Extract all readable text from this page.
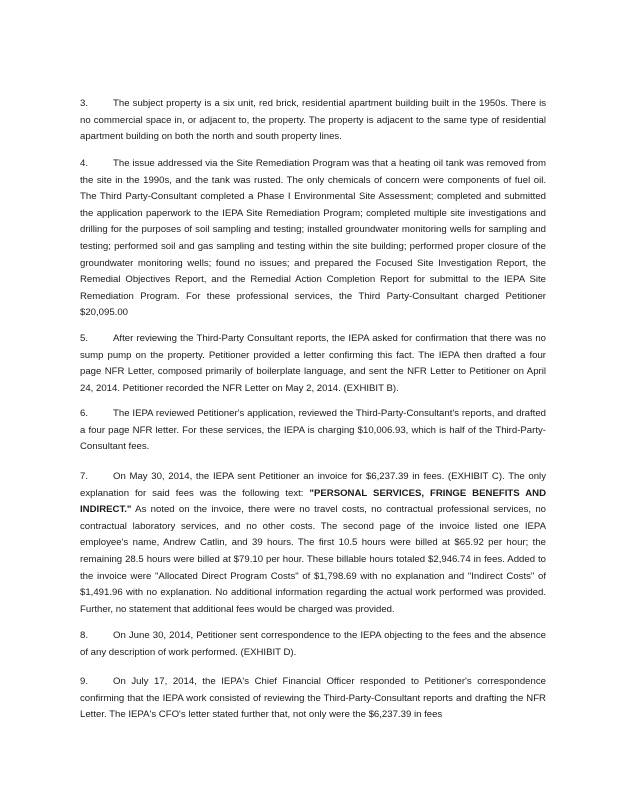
3.	The subject property is a six unit, red brick, residential apartment building built in the 1950s. There is no commercial space in, or adjacent to, the property. The property is adjacent to the same type of residential apartment building on both the north and south property lines.

4.	The issue addressed via the Site Remediation Program was that a heating oil tank was removed from the site in the 1990s, and the tank was rusted. The only chemicals of concern were components of fuel oil. The Third Party-Consultant completed a Phase I Environmental Site Assessment; completed and submitted the application paperwork to the IEPA Site Remediation Program; completed multiple site investigations and drilling for the purposes of soil sampling and testing; installed groundwater monitoring wells for sampling and testing; performed soil and gas sampling and testing within the site building; performed proper closure of the groundwater monitoring wells; found no issues; and prepared the Focused Site Investigation Report, the Remedial Objectives Report, and the Remedial Action Completion Report for submittal to the IEPA Site Remediation Program. For these professional services, the Third Party-Consultant charged Petitioner $20,095.00

5.	After reviewing the Third-Party Consultant reports, the IEPA asked for confirmation that there was no sump pump on the property. Petitioner provided a letter confirming this fact. The IEPA then drafted a four page NFR Letter, composed primarily of boilerplate language, and sent the NFR Letter to Petitioner on April 24, 2014. Petitioner recorded the NFR Letter on May 2, 2014. (EXHIBIT B).

6.	The IEPA reviewed Petitioner's application, reviewed the Third-Party-Consultant's reports, and drafted a four page NFR letter. For these services, the IEPA is charging $10,006.93, which is half of the Third-Party-Consultant fees.

7.	On May 30, 2014, the IEPA sent Petitioner an invoice for $6,237.39 in fees. (EXHIBIT C). The only explanation for said fees was the following text: "PERSONAL SERVICES, FRINGE BENEFITS AND INDIRECT." As noted on the invoice, there were no travel costs, no contractual professional services, no contractual laboratory services, and no other costs. The second page of the invoice listed one IEPA employee's name, Andrew Catlin, and 39 hours. The first 10.5 hours were billed at $65.92 per hour; the remaining 28.5 hours were billed at $79.10 per hour. These billable hours totaled $2,946.74 in fees. Added to the invoice were "Allocated Direct Program Costs" of $1,798.69 with no explanation and "Indirect Costs" of $1,491.96 with no explanation. No additional information regarding the actual work performed was provided. Further, no statement that additional fees would be charged was provided.

8.	On June 30, 2014, Petitioner sent correspondence to the IEPA objecting to the fees and the absence of any description of work performed. (EXHIBIT D).

9.	On July 17, 2014, the IEPA's Chief Financial Officer responded to Petitioner's correspondence confirming that the IEPA work consisted of reviewing the Third-Party-Consultant reports and drafting the NFR Letter. The IEPA's CFO's letter stated further that, not only were the $6,237.39 in fees
